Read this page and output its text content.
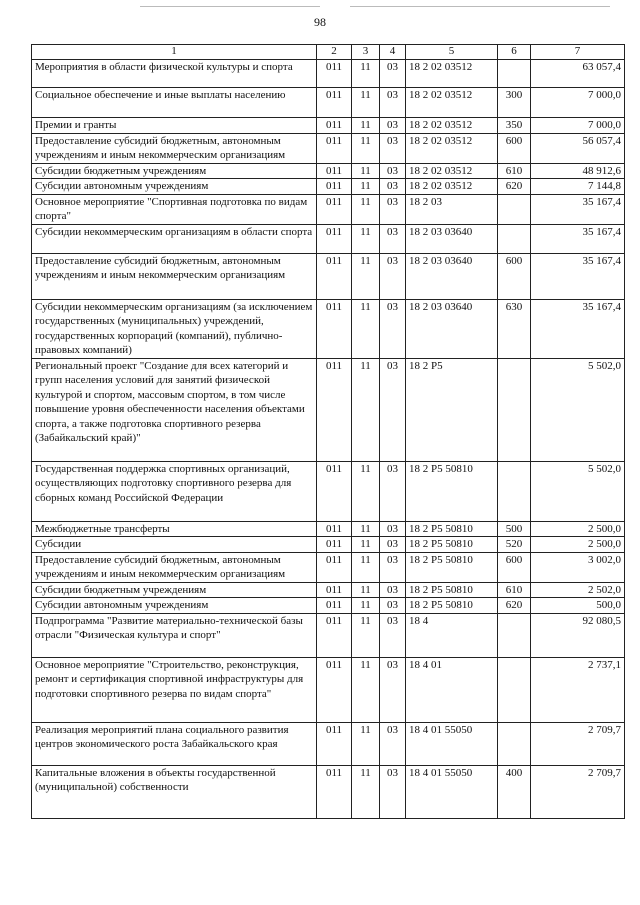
98
1	2	3	4	5	6	7
Мероприятия в области физической культуры и спорта	011	11	03	18 2 02 03512		63 057,4
Социальное обеспечение и иные выплаты населению	011	11	03	18 2 02 03512	300	7 000,0
Премии и гранты	011	11	03	18 2 02 03512	350	7 000,0
Предоставление субсидий бюджетным, автономным учреждениям и иным некоммерческим организациям	011	11	03	18 2 02 03512	600	56 057,4
Субсидии бюджетным учреждениям	011	11	03	18 2 02 03512	610	48 912,6
Субсидии автономным учреждениям	011	11	03	18 2 02 03512	620	7 144,8
Основное мероприятие "Спортивная подготовка по видам спорта"	011	11	03	18 2 03		35 167,4
Субсидии некоммерческим организациям в области спорта	011	11	03	18 2 03 03640		35 167,4
Предоставление субсидий бюджетным, автономным учреждениям и иным некоммерческим организациям	011	11	03	18 2 03 03640	600	35 167,4
Субсидии некоммерческим организациям (за исключением государственных (муниципальных) учреждений, государственных корпораций (компаний), публично-правовых компаний)	011	11	03	18 2 03 03640	630	35 167,4
Региональный проект "Создание для всех категорий и групп населения условий для занятий физической культурой и спортом, массовым спортом, в том числе повышение уровня обеспеченности населения объектами спорта, а также подготовка спортивного резерва (Забайкальский край)"	011	11	03	18 2 P5		5 502,0
Государственная поддержка спортивных организаций, осуществляющих подготовку спортивного резерва для сборных команд Российской Федерации	011	11	03	18 2 P5 50810		5 502,0
Межбюджетные трансферты	011	11	03	18 2 P5 50810	500	2 500,0
Субсидии	011	11	03	18 2 P5 50810	520	2 500,0
Предоставление субсидий бюджетным, автономным учреждениям и иным некоммерческим организациям	011	11	03	18 2 P5 50810	600	3 002,0
Субсидии бюджетным учреждениям	011	11	03	18 2 P5 50810	610	2 502,0
Субсидии автономным учреждениям	011	11	03	18 2 P5 50810	620	500,0
Подпрограмма "Развитие материально-технической базы отрасли "Физическая культура и спорт"	011	11	03	18 4		92 080,5
Основное мероприятие "Строительство, реконструкция, ремонт и сертификация спортивной инфраструктуры для подготовки спортивного резерва по видам спорта"	011	11	03	18 4 01		2 737,1
Реализация мероприятий плана социального развития центров экономического роста Забайкальского края	011	11	03	18 4 01 55050		2 709,7
Капитальные вложения в объекты государственной (муниципальной) собственности	011	11	03	18 4 01 55050	400	2 709,7
